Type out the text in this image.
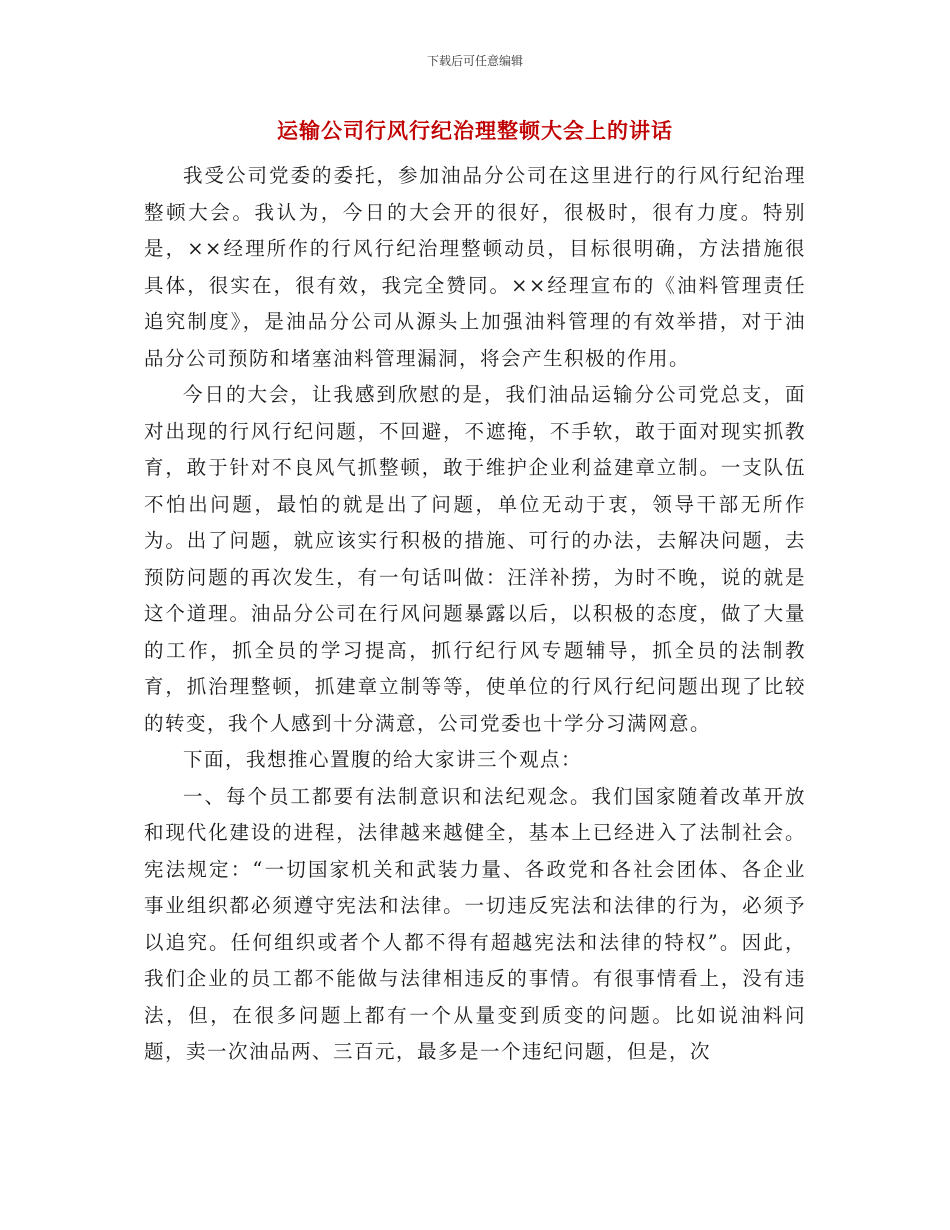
下载后可任意编辑
运输公司行风行纪治理整顿大会上的讲话

我受公司党委的委托，参加油品分公司在这里进行的行风行纪治理整顿大会。我认为，今日的大会开的很好，很极时，很有力度。特别是，××经理所作的行风行纪治理整顿动员，目标很明确，方法措施很具体，很实在，很有效，我完全赞同。××经理宣布的《油料管理责任追究制度》，是油品分公司从源头上加强油料管理的有效举措，对于油品分公司预防和堵塞油料管理漏洞，将会产生积极的作用。

今日的大会，让我感到欣慰的是，我们油品运输分公司党总支，面对出现的行风行纪问题，不回避，不遮掩，不手软，敢于面对现实抓教育，敢于针对不良风气抓整顿，敢于维护企业利益建章立制。一支队伍不怕出问题，最怕的就是出了问题，单位无动于衷，领导干部无所作为。出了问题，就应该实行积极的措施、可行的办法，去解决问题，去预防问题的再次发生，有一句话叫做：汪洋补捞，为时不晚，说的就是这个道理。油品分公司在行风问题暴露以后，以积极的态度，做了大量的工作，抓全员的学习提高，抓行纪行风专题辅导，抓全员的法制教育，抓治理整顿，抓建章立制等等，使单位的行风行纪问题出现了比较的转变，我个人感到十分满意，公司党委也十学分习满网意。

下面，我想推心置腹的给大家讲三个观点：

一、每个员工都要有法制意识和法纪观念。我们国家随着改革开放和现代化建设的进程，法律越来越健全，基本上已经进入了法制社会。宪法规定：“一切国家机关和武装力量、各政党和各社会团体、各企业事业组织都必须遵守宪法和法律。一切违反宪法和法律的行为，必须予以追究。任何组织或者个人都不得有超越宪法和法律的特权”。因此，我们企业的员工都不能做与法律相违反的事情。有很事情看上，没有违法，但，在很多问题上都有一个从量变到质变的问题。比如说油料问题，卖一次油品两、三百元，最多是一个违纪问题，但是，次
